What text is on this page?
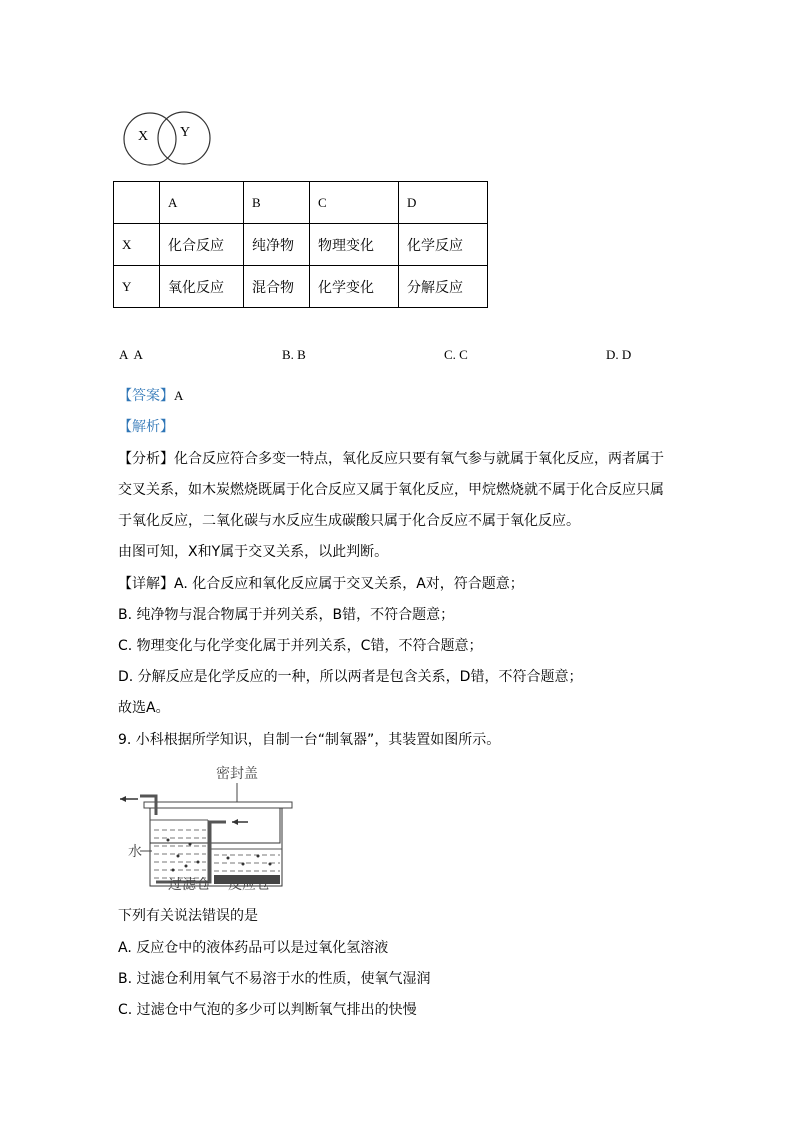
X Y
	A	B	C	D
X	化合反应	纯净物	物理变化	化学反应
Y	氧化反应	混合物	化学变化	分解反应
A  A	B. B	C. C	D. D
【答案】A
【解析】
【分析】化合反应符合多变一特点，氧化反应只要有氧气参与就属于氧化反应，两者属于
交叉关系，如木炭燃烧既属于化合反应又属于氧化反应，甲烷燃烧就不属于化合反应只属
于氧化反应，二氧化碳与水反应生成碳酸只属于化合反应不属于氧化反应。
由图可知，X和Y属于交叉关系，以此判断。
【详解】A. 化合反应和氧化反应属于交叉关系，A对，符合题意；
B. 纯净物与混合物属于并列关系，B错，不符合题意；
C. 物理变化与化学变化属于并列关系，C错，不符合题意；
D. 分解反应是化学反应的一种，所以两者是包含关系，D错，不符合题意；
故选A。
9. 小科根据所学知识，自制一台“制氧器”，其装置如图所示。
密封盖
水
过滤仓 反应仓
下列有关说法错误的是
A. 反应仓中的液体药品可以是过氧化氢溶液
B. 过滤仓利用氧气不易溶于水的性质，使氧气湿润
C. 过滤仓中气泡的多少可以判断氧气排出的快慢
